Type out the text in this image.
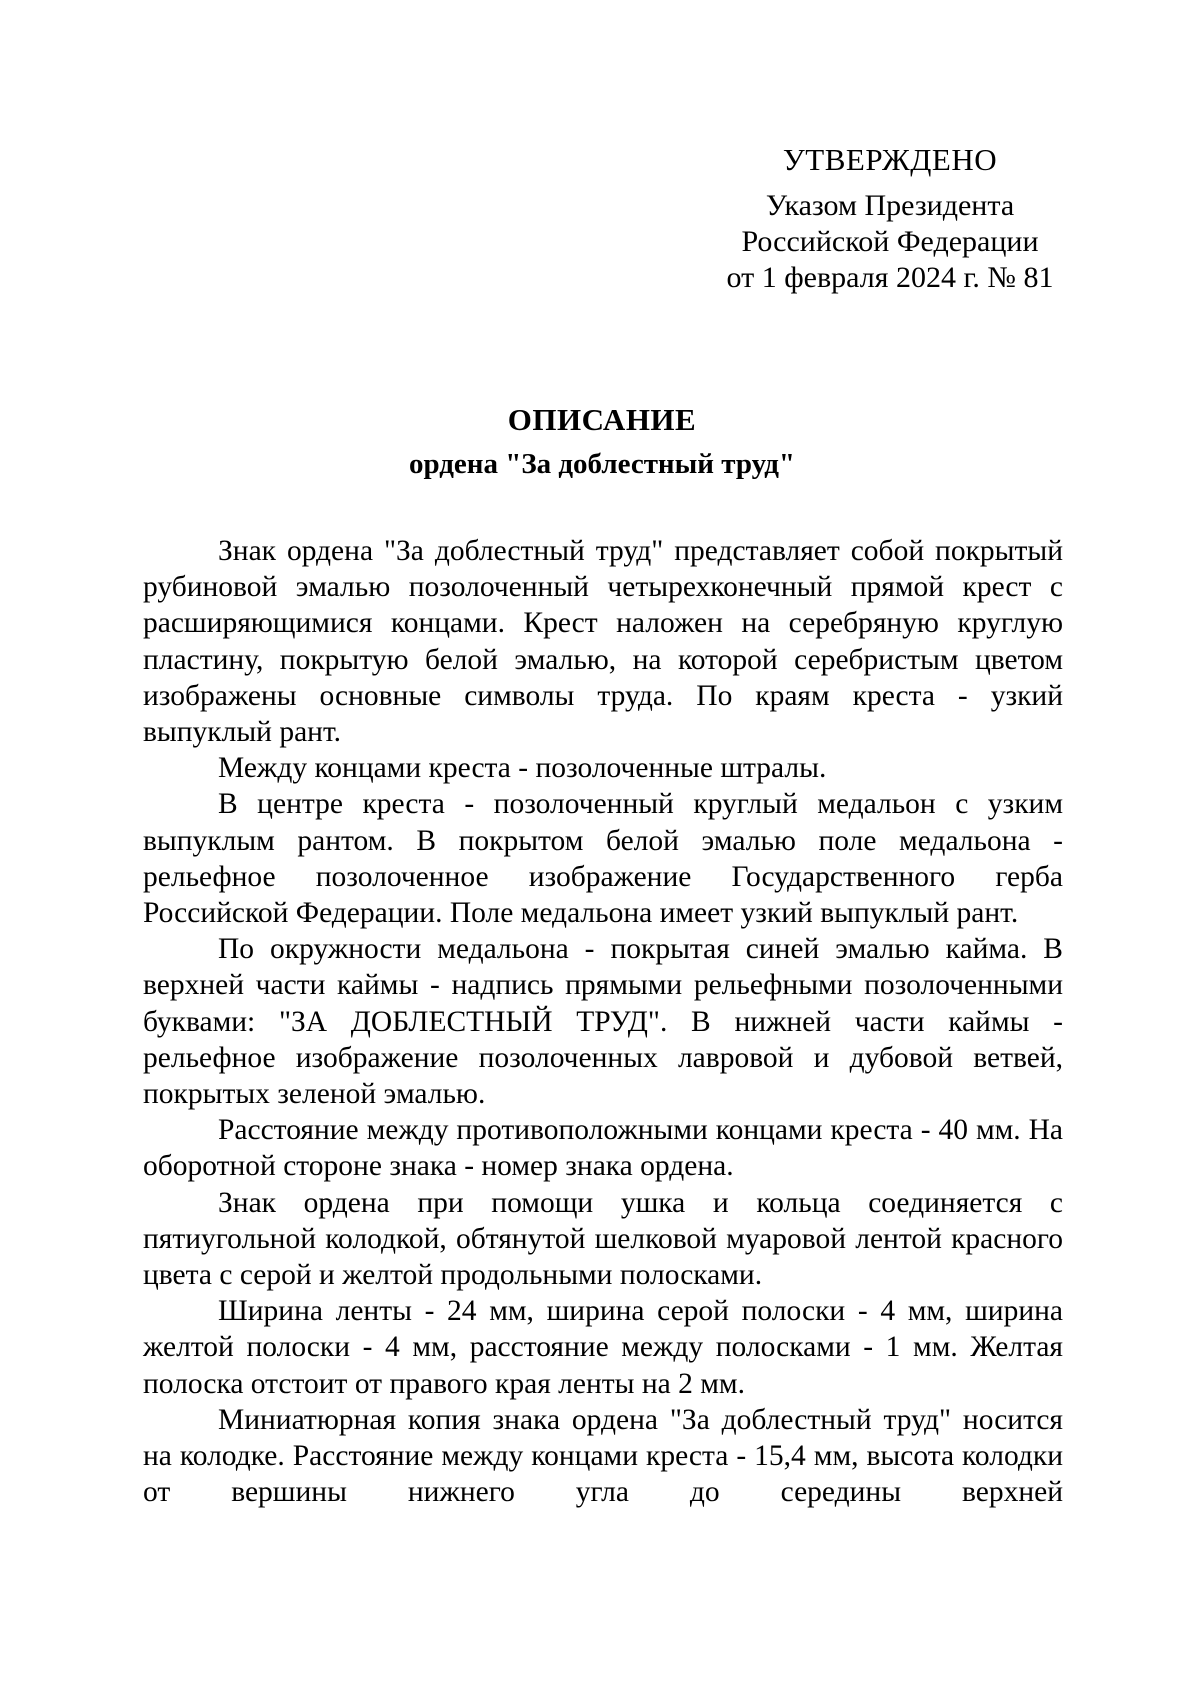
УТВЕРЖДЕНО
Указом Президента
Российской Федерации
от 1 февраля 2024 г. № 81
ОПИСАНИЕ
ордена "За доблестный труд"

Знак ордена "За доблестный труд" представляет собой покрытый рубиновой эмалью позолоченный четырехконечный прямой крест с расширяющимися концами. Крест наложен на серебряную круглую пластину, покрытую белой эмалью, на которой серебристым цветом изображены основные символы труда. По краям креста - узкий выпуклый рант.

Между концами креста - позолоченные штралы.

В центре креста - позолоченный круглый медальон с узким выпуклым рантом. В покрытом белой эмалью поле медальона - рельефное позолоченное изображение Государственного герба Российской Федерации. Поле медальона имеет узкий выпуклый рант.

По окружности медальона - покрытая синей эмалью кайма. В верхней части каймы - надпись прямыми рельефными позолоченными буквами: "ЗА ДОБЛЕСТНЫЙ ТРУД". В нижней части каймы - рельефное изображение позолоченных лавровой и дубовой ветвей, покрытых зеленой эмалью.

Расстояние между противоположными концами креста - 40 мм. На оборотной стороне знака - номер знака ордена.

Знак ордена при помощи ушка и кольца соединяется с пятиугольной колодкой, обтянутой шелковой муаровой лентой красного цвета с серой и желтой продольными полосками.

Ширина ленты - 24 мм, ширина серой полоски - 4 мм, ширина желтой полоски - 4 мм, расстояние между полосками - 1 мм. Желтая полоска отстоит от правого края ленты на 2 мм.

Миниатюрная копия знака ордена "За доблестный труд" носится на колодке. Расстояние между концами креста - 15,4 мм, высота колодки от вершины нижнего угла до середины верхней
